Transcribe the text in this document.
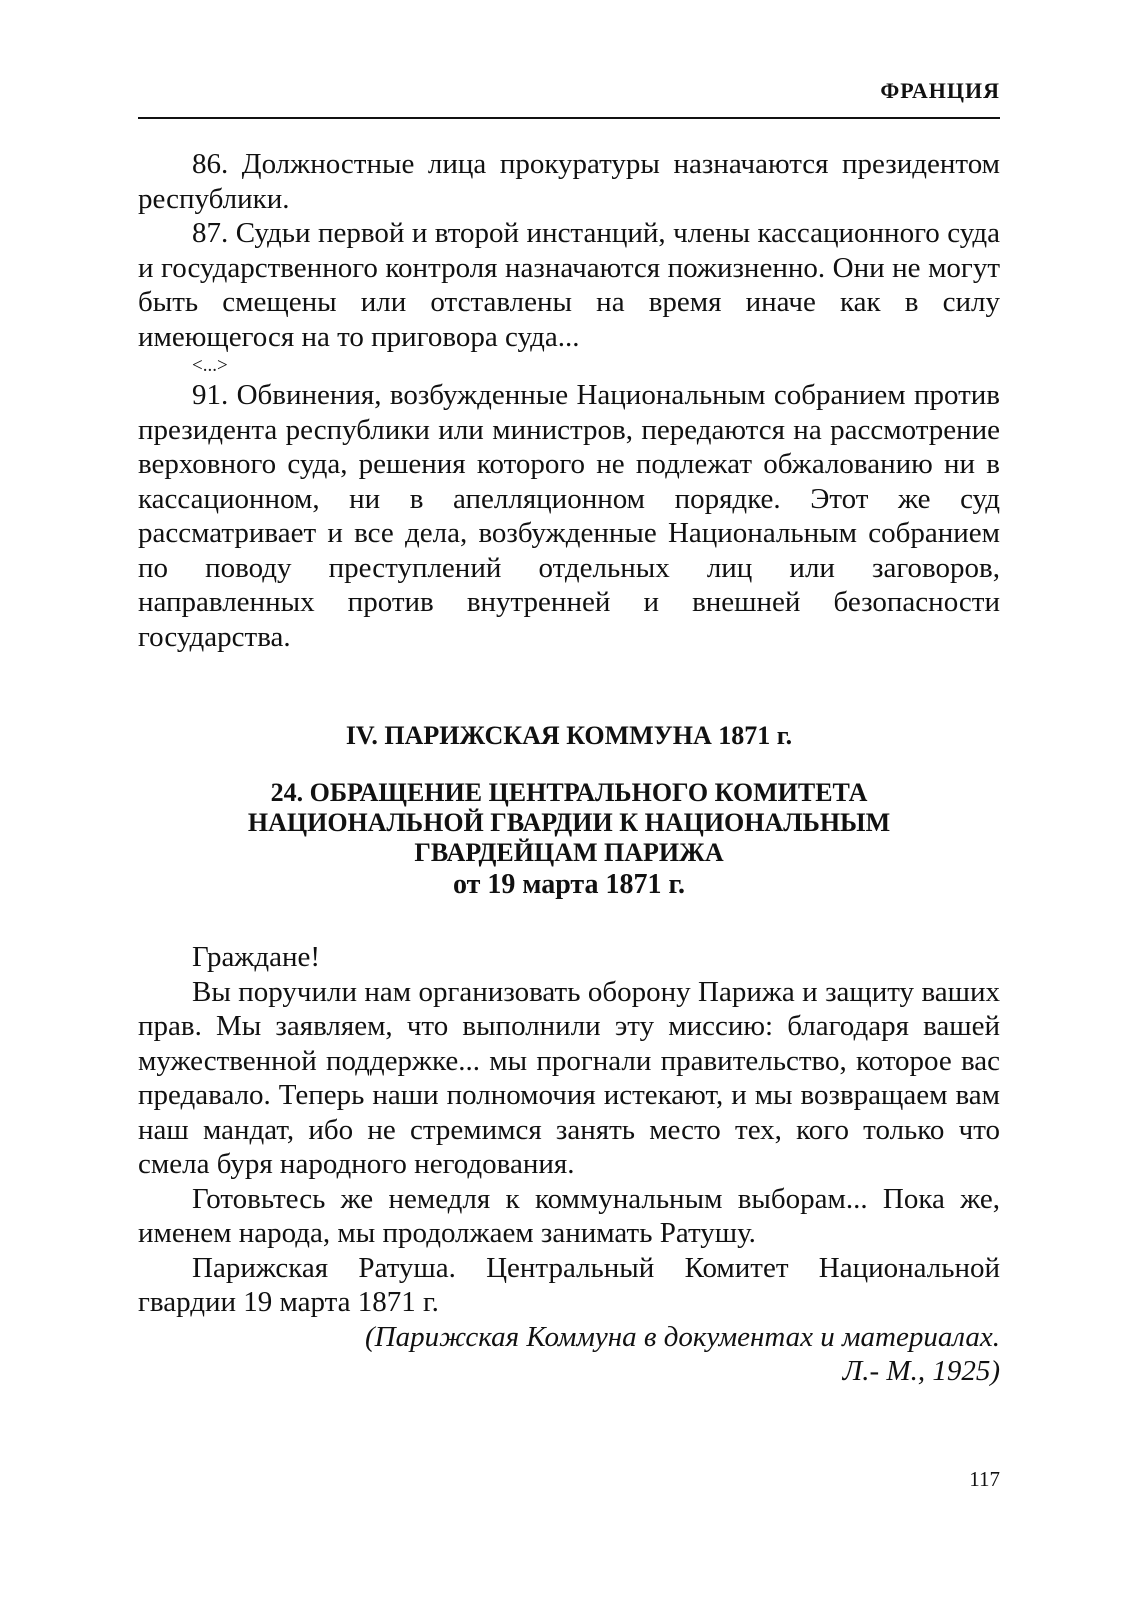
ФРАНЦИЯ

86. Должностные лица прокуратуры назначаются президентом республики.

87. Судьи первой и второй инстанций, члены кассационного суда и государственного контроля назначаются пожизненно. Они не могут быть смещены или отставлены на время иначе как в силу имеющегося на то приговора суда...

<...>

91. Обвинения, возбужденные Национальным собранием против президента республики или министров, передаются на рассмотрение верховного суда, решения которого не подлежат обжалованию ни в кассационном, ни в апелляционном порядке. Этот же суд рассматривает и все дела, возбужденные Национальным собранием по поводу преступлений отдельных лиц или заговоров, направленных против внутренней и внешней безопасности государства.

IV. ПАРИЖСКАЯ КОММУНА 1871 г.
24. ОБРАЩЕНИЕ ЦЕНТРАЛЬНОГО КОМИТЕТА
НАЦИОНАЛЬНОЙ ГВАРДИИ К НАЦИОНАЛЬНЫМ
ГВАРДЕЙЦАМ ПАРИЖА

от 19 марта 1871 г.

Граждане!

Вы поручили нам организовать оборону Парижа и защиту ваших прав. Мы заявляем, что выполнили эту миссию: благодаря вашей мужественной поддержке... мы прогнали правительство, которое вас предавало. Теперь наши полномочия истекают, и мы возвращаем вам наш мандат, ибо не стремимся занять место тех, кого только что смела буря народного негодования.

Готовьтесь же немедля к коммунальным выборам... Пока же, именем народа, мы продолжаем занимать Ратушу.

Парижская Ратуша. Центральный Комитет Национальной гвардии 19 марта 1871 г.

(Парижская Коммуна в документах и материалах.

Л.- М., 1925)

117
